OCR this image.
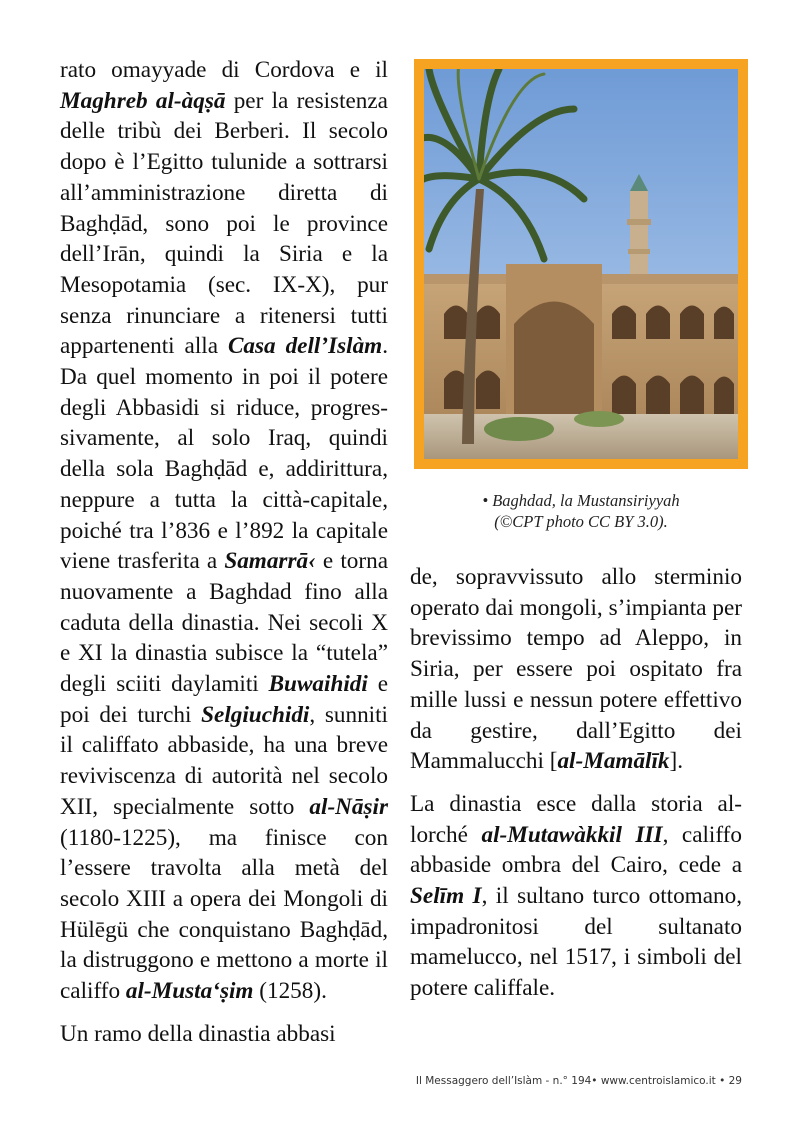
rato omayyade di Cordova e il Maghreb al-àqṣā per la resistenza delle tribù dei Berberi. Il secolo dopo è l’Egitto tulunide a sottrarsi all’amministrazione diretta di Baghḍād, sono poi le province dell’Irān, quindi la Siria e la Mesopotamia (sec. IX-X), pur senza rinunciare a ritenersi tutti appartenenti alla Casa dell’Islàm. Da quel momento in poi il potere degli Abbasidi si riduce, progressivamente, al solo Iraq, quindi della sola Baghḍād e, addirittura, neppure a tutta la città-capitale, poiché tra l’836 e l’892 la capitale viene trasferita a Samarrā‹ e torna nuovamente a Baghdad fino alla caduta della dinastia. Nei secoli X e XI la dinastia subisce la “tutela” degli sciiti daylamiti Buwaihidi e poi dei turchi Selgiuchidi, sunniti il califfato abbaside, ha una breve reviviscenza di autorità nel secolo XII, specialmente sotto al-Nāṣir (1180-1225), ma finisce con l’essere travolta alla metà del secolo XIII a opera dei Mongoli di Hülēgü che conquistano Baghḍād, la distruggono e mettono a morte il califfo al-Musta‘ṣim (1258).

Un ramo della dinastia abbasi

• Baghdad, la Mustansiriyyah
(©CPT photo CC BY 3.0).

de, sopravvissuto allo sterminio operato dai mongoli, s’impianta per brevissimo tempo ad Aleppo, in Siria, per essere poi ospitato fra mille lussi e nessun potere effettivo da gestire, dall’Egitto dei Mammalucchi [al-Mamālīk].

La dinastia esce dalla storia allorché al-Mutawàkkil III, califfo abbaside ombra del Cairo, cede a Selīm I, il sultano turco ottomano, impadronitosi del sultanato mamelucco, nel 1517, i simboli del potere califfale.

Il Messaggero dell’Islàm - n.° 194• www.centroislamico.it • 29
